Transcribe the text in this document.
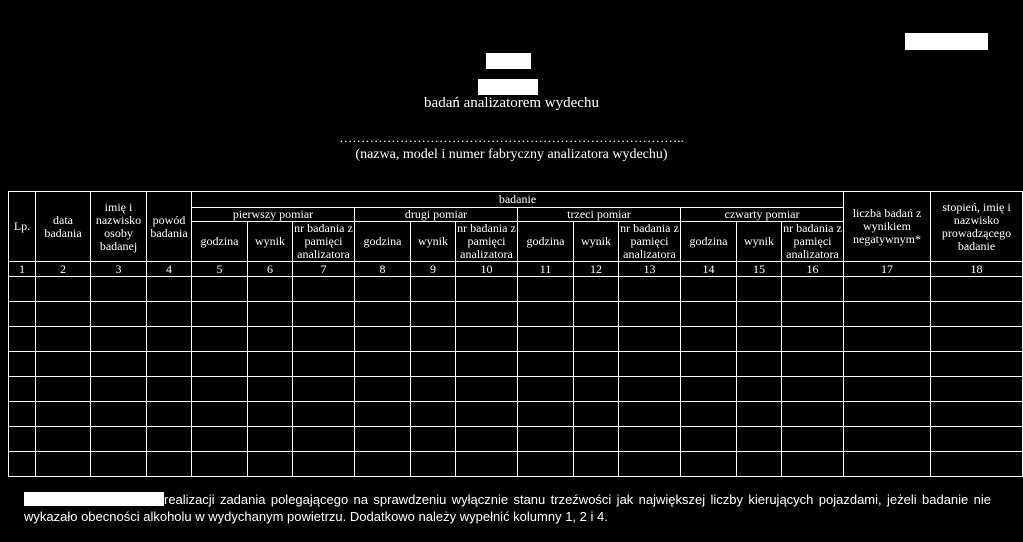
badań analizatorem wydechu
……………………………………………………………………..
(nazwa, model i numer fabryczny analizatora wydechu)
Lp.	data badania	imię i nazwisko osoby badanej	powód badania	badanie												liczba badań z wynikiem negatywnym*	stopień, imię i nazwisko prowadzącego badanie
				pierwszy pomiar			drugi pomiar			trzeci pomiar			czwarty pomiar				
				godzina	wynik	nr badania z pamięci analizatora	godzina	wynik	nr badania z pamięci analizatora	godzina	wynik	nr badania z pamięci analizatora	godzina	wynik	nr badania z pamięci analizatora		
1	2	3	4	5	6	7	8	9	10	11	12	13	14	15	16	17	18

realizacji zadania polegającego na sprawdzeniu wyłącznie stanu trzeźwości jak największej liczby kierujących pojazdami, jeżeli badanie nie wykazało obecności alkoholu w wydychanym powietrzu. Dodatkowo należy wypełnić kolumny 1, 2 i 4.
